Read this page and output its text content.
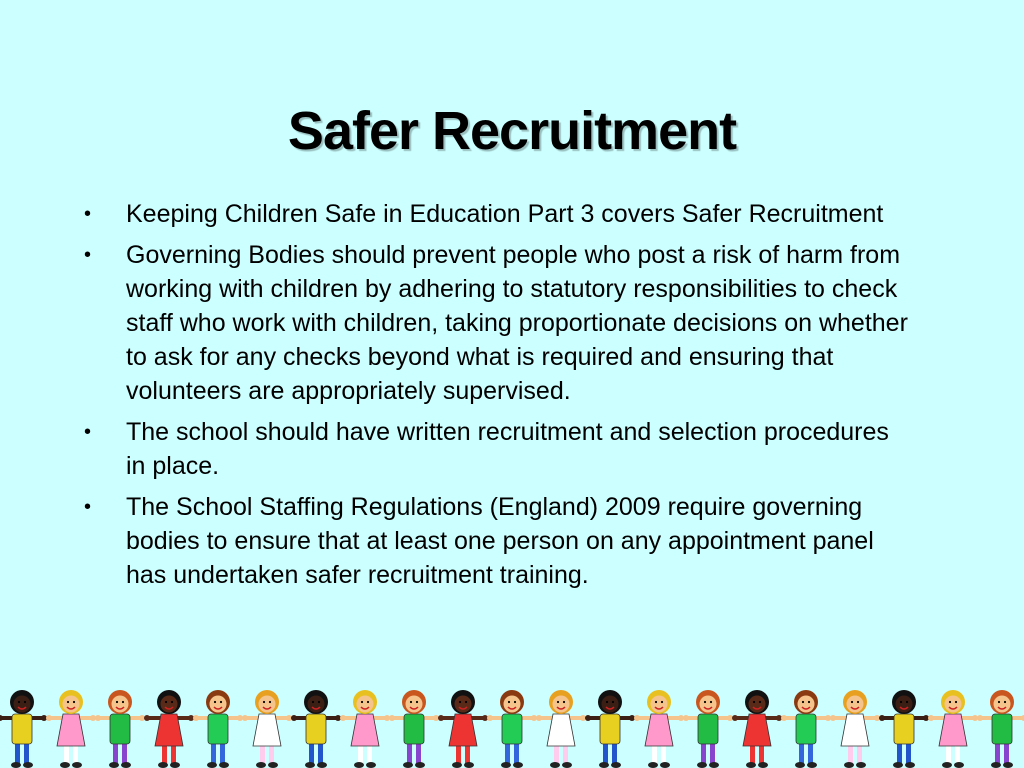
Safer Recruitment
•	Keeping Children Safe in Education Part 3 covers Safer Recruitment
•	Governing Bodies should prevent people who post a risk of harm from working with children by adhering to statutory responsibilities to check staff who work with children, taking proportionate decisions on whether to ask for any checks beyond what is required and ensuring that volunteers are appropriately supervised.
•	The school should have written recruitment and selection procedures in place.
•	The School Staffing Regulations (England) 2009 require governing bodies to ensure that at least one person on any appointment panel has undertaken safer recruitment training.
